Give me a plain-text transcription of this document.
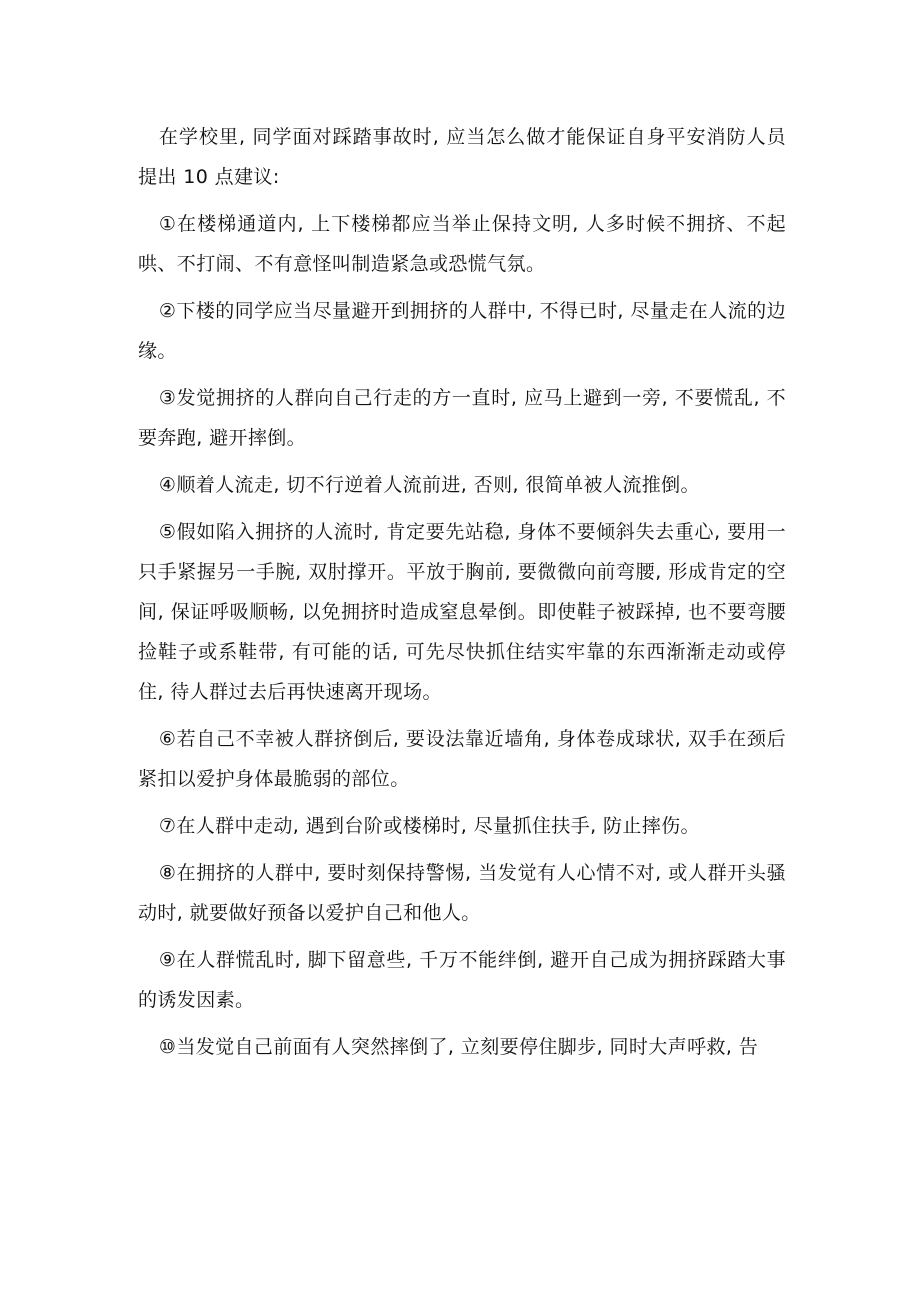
在学校里, 同学面对踩踏事故时, 应当怎么做才能保证自身平安消防人员提出 10 点建议:

①在楼梯通道内, 上下楼梯都应当举止保持文明, 人多时候不拥挤、不起哄、不打闹、不有意怪叫制造紧急或恐慌气氛。

②下楼的同学应当尽量避开到拥挤的人群中, 不得已时, 尽量走在人流的边缘。

③发觉拥挤的人群向自己行走的方一直时, 应马上避到一旁, 不要慌乱, 不要奔跑, 避开摔倒。

④顺着人流走, 切不行逆着人流前进, 否则, 很简单被人流推倒。

⑤假如陷入拥挤的人流时, 肯定要先站稳, 身体不要倾斜失去重心, 要用一只手紧握另一手腕, 双肘撑开。平放于胸前, 要微微向前弯腰, 形成肯定的空间, 保证呼吸顺畅, 以免拥挤时造成窒息晕倒。即使鞋子被踩掉, 也不要弯腰捡鞋子或系鞋带, 有可能的话, 可先尽快抓住结实牢靠的东西渐渐走动或停住, 待人群过去后再快速离开现场。

⑥若自己不幸被人群挤倒后, 要设法靠近墙角, 身体卷成球状, 双手在颈后紧扣以爱护身体最脆弱的部位。

⑦在人群中走动, 遇到台阶或楼梯时, 尽量抓住扶手, 防止摔伤。

⑧在拥挤的人群中, 要时刻保持警惕, 当发觉有人心情不对, 或人群开头骚动时, 就要做好预备以爱护自己和他人。

⑨在人群慌乱时, 脚下留意些, 千万不能绊倒, 避开自己成为拥挤踩踏大事的诱发因素。

⑩当发觉自己前面有人突然摔倒了, 立刻要停住脚步, 同时大声呼救, 告
